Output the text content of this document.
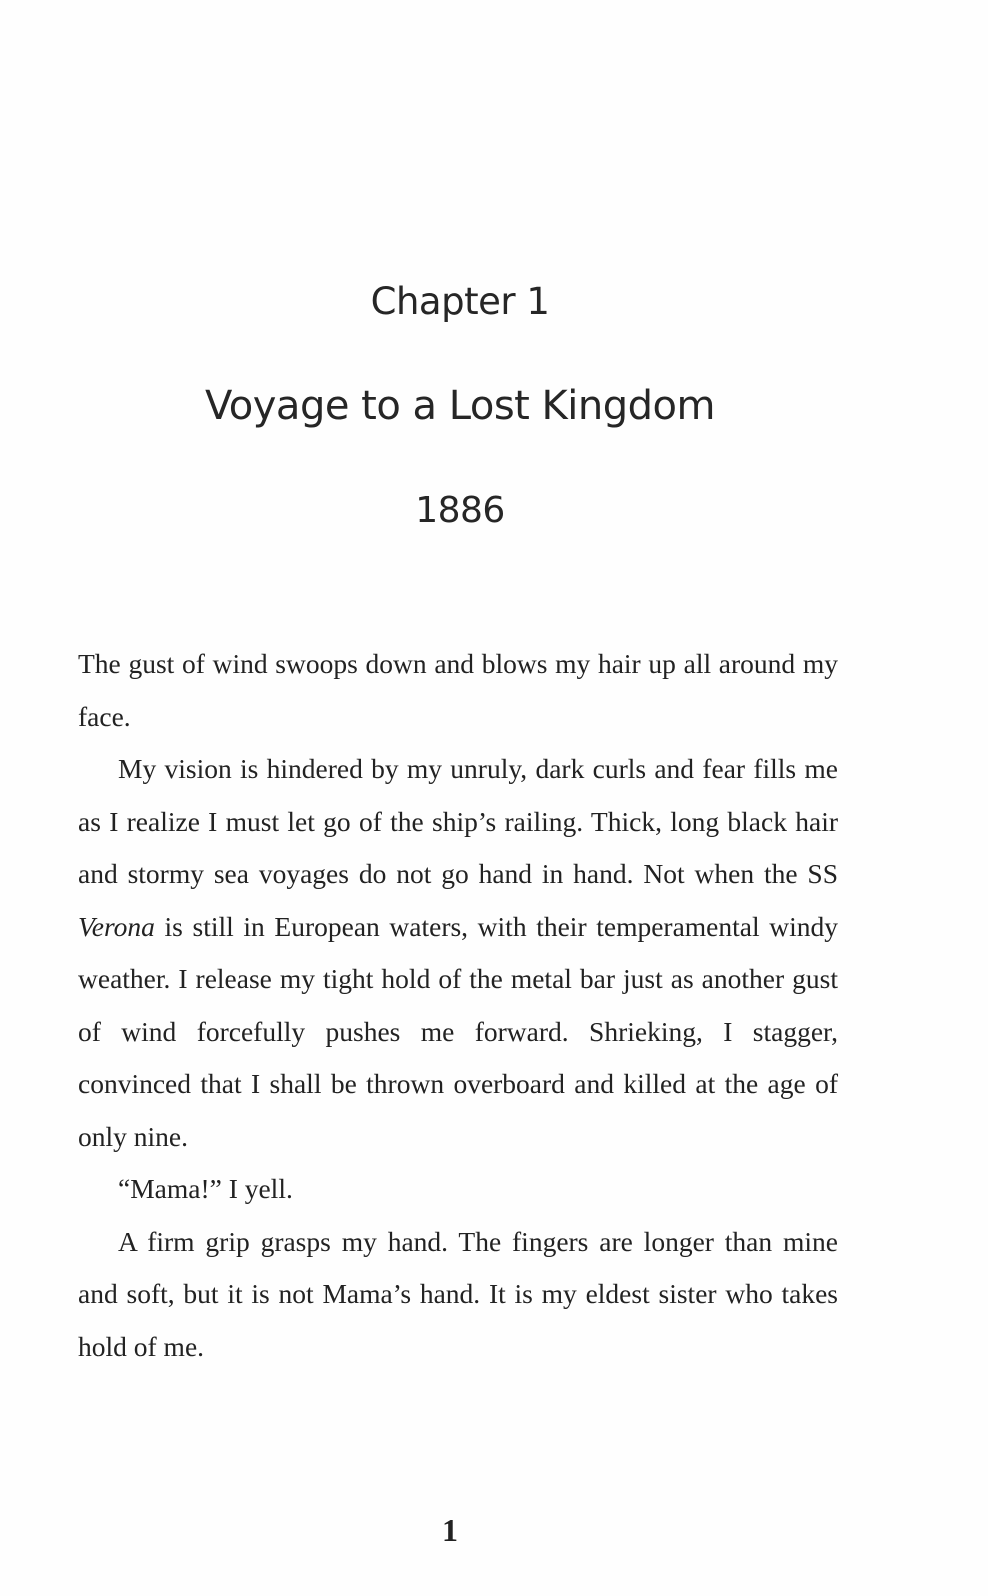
Chapter 1
Voyage to a Lost Kingdom
1886

The gust of wind swoops down and blows my hair up all around my face.

My vision is hindered by my unruly, dark curls and fear fills me as I realize I must let go of the ship’s railing. Thick, long black hair and stormy sea voyages do not go hand in hand. Not when the SS Verona is still in European waters, with their temperamental windy weather. I release my tight hold of the metal bar just as another gust of wind forcefully pushes me forward. Shrieking, I stagger, convinced that I shall be thrown overboard and killed at the age of only nine.

“Mama!” I yell.

A firm grip grasps my hand. The fingers are longer than mine and soft, but it is not Mama’s hand. It is my eldest sister who takes hold of me.

1
